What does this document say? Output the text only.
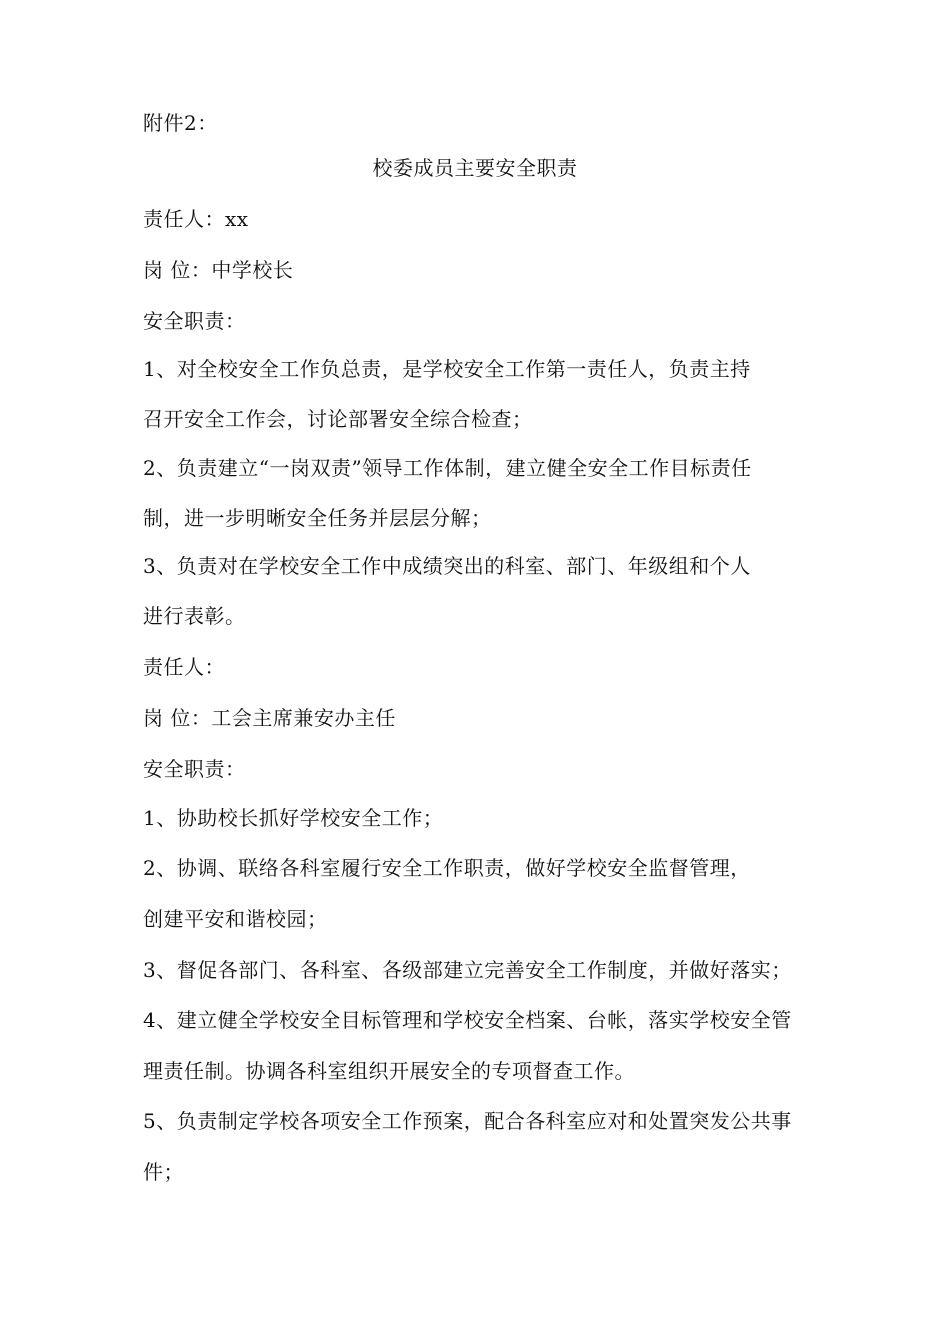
附件2：
校委成员主要安全职责
责任人：xx
岗 位：中学校长
安全职责：
1、对全校安全工作负总责，是学校安全工作第一责任人，负责主持
召开安全工作会，讨论部署安全综合检查；
2、负责建立“一岗双责”领导工作体制，建立健全安全工作目标责任
制，进一步明晰安全任务并层层分解；
3、负责对在学校安全工作中成绩突出的科室、部门、年级组和个人
进行表彰。
责任人：
岗 位：工会主席兼安办主任
安全职责：
1、协助校长抓好学校安全工作；
2、协调、联络各科室履行安全工作职责，做好学校安全监督管理，
创建平安和谐校园；
3、督促各部门、各科室、各级部建立完善安全工作制度，并做好落实；
4、建立健全学校安全目标管理和学校安全档案、台帐，落实学校安全管
理责任制。协调各科室组织开展安全的专项督查工作。
5、负责制定学校各项安全工作预案，配合各科室应对和处置突发公共事
件；
